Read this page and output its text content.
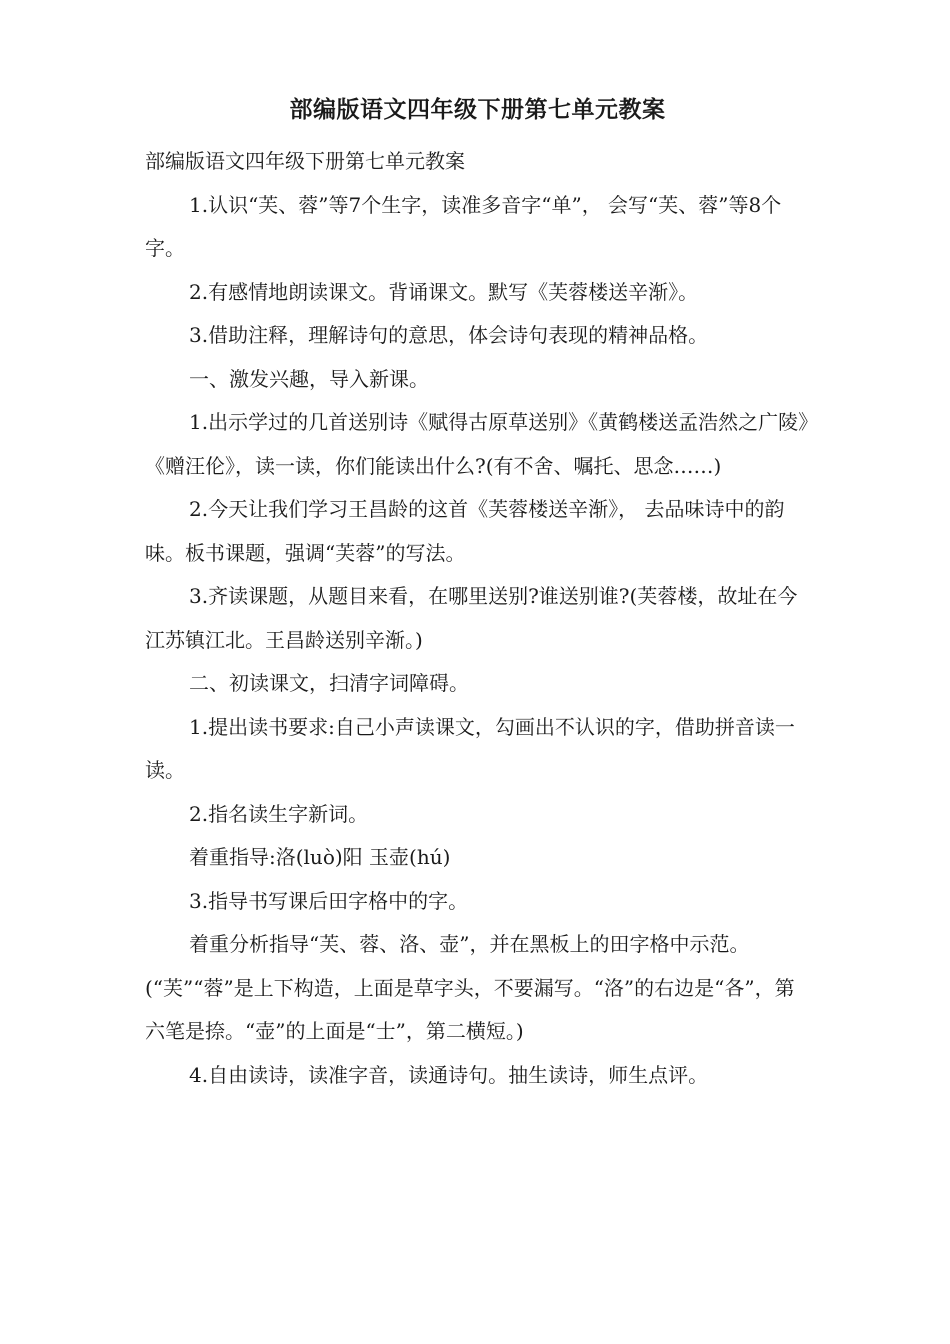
部编版语文四年级下册第七单元教案

部编版语文四年级下册第七单元教案

1.认识“芙、蓉”等7个生字，读准多音字“单”， 会写“芙、蓉”等8个字。

2.有感情地朗读课文。背诵课文。默写《芙蓉楼送辛渐》。

3.借助注释，理解诗句的意思，体会诗句表现的精神品格。

一、激发兴趣，导入新课。

1.出示学过的几首送别诗《赋得古原草送别》《黄鹤楼送孟浩然之广陵》《赠汪伦》，读一读，你们能读出什么?(有不舍、嘱托、思念……)

2.今天让我们学习王昌龄的这首《芙蓉楼送辛渐》， 去品味诗中的韵味。板书课题，强调“芙蓉”的写法。

3.齐读课题，从题目来看，在哪里送别?谁送别谁?(芙蓉楼，故址在今江苏镇江北。王昌龄送别辛渐。)

二、初读课文，扫清字词障碍。

1.提出读书要求:自己小声读课文，勾画出不认识的字，借助拼音读一读。

2.指名读生字新词。

着重指导:洛(luò)阳 玉壶(hú)

3.指导书写课后田字格中的字。

着重分析指导“芙、蓉、洛、壶”，并在黑板上的田字格中示范。(“芙”“蓉”是上下构造，上面是草字头，不要漏写。“洛”的右边是“各”，第六笔是捺。“壶”的上面是“士”，第二横短。)

4.自由读诗，读准字音，读通诗句。抽生读诗，师生点评。
